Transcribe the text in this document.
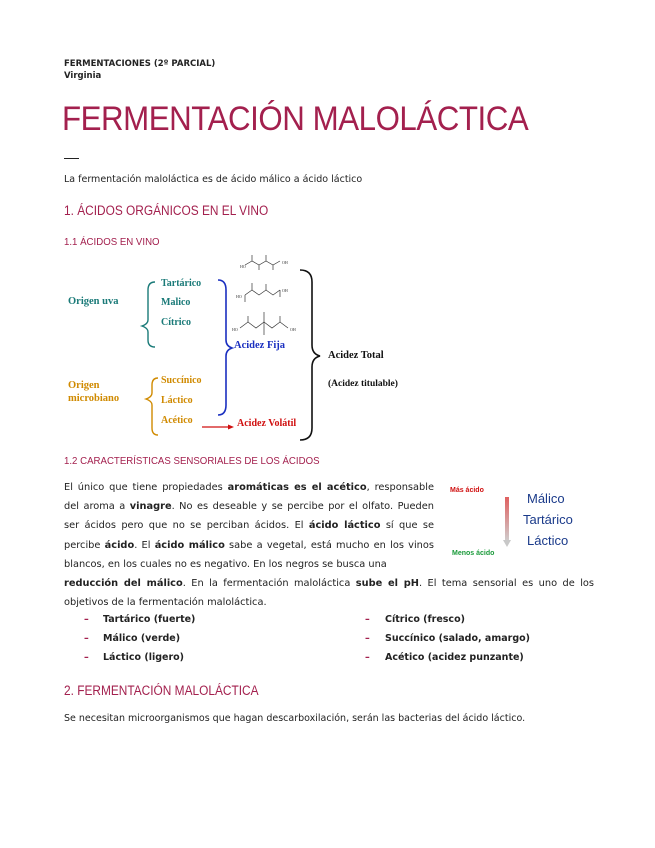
FERMENTACIONES (2º PARCIAL)
Virginia
FERMENTACIÓN MALOLÁCTICA
La fermentación maloláctica es de ácido málico a ácido láctico
1. ÁCIDOS ORGÁNICOS EN EL VINO
1.1 ÁCIDOS EN VINO
HO
OH
HO
OH
HO	OH
Origen uva
Tartárico
Malico
Cítrico
Origen
microbiano
Succínico
Láctico
Acético
Acidez Fija
Acidez Volátil
Acidez Total
(Acidez titulable)
1.2 CARACTERÍSTICAS SENSORIALES DE LOS ÁCIDOS
Más ácido
Menos ácido
Málico
Tartárico
Láctico
El único que tiene propiedades aromáticas es el acético, responsable del aroma a vinagre. No es deseable y se percibe por el olfato. Pueden ser ácidos pero que no se perciban ácidos. El ácido láctico sí que se percibe ácido. El ácido málico sabe a vegetal, está mucho en los vinos blancos, en los cuales no es negativo. En los negros se busca una
reducción del málico. En la fermentación maloláctica sube el pH. El tema sensorial es uno de los objetivos de la fermentación maloláctica.
– Tartárico (fuerte)
– Málico (verde)
– Láctico (ligero)
– Cítrico (fresco)
– Succínico (salado, amargo)
– Acético (acidez punzante)
2. FERMENTACIÓN MALOLÁCTICA
Se necesitan microorganismos que hagan descarboxilación, serán las bacterias del ácido láctico.
